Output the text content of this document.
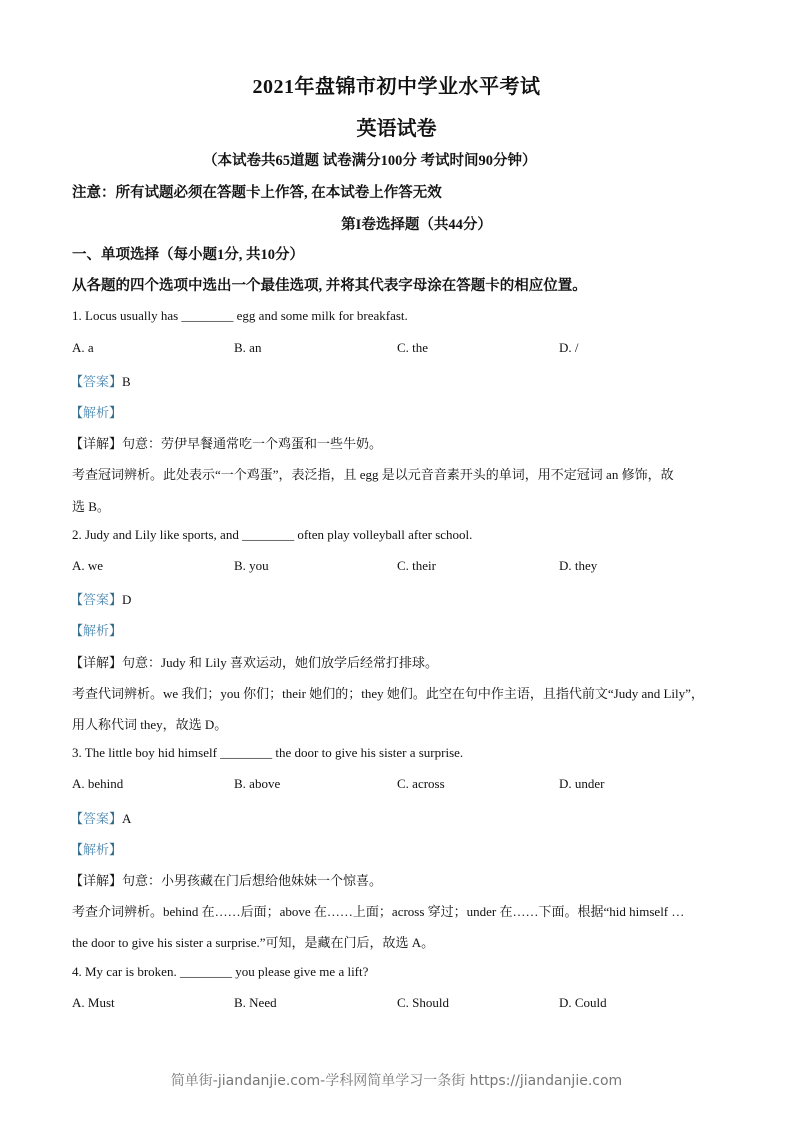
2021年盘锦市初中学业水平考试
英语试卷
（本试卷共65道题 试卷满分100分 考试时间90分钟）
注意：所有试题必须在答题卡上作答, 在本试卷上作答无效
第I卷选择题（共44分）
一、单项选择（每小题1分, 共10分）
从各题的四个选项中选出一个最佳选项, 并将其代表字母涂在答题卡的相应位置。
1. Locus usually has ________ egg and some milk for breakfast.
A. a	B. an	C. the	D. /
【答案】B
【解析】
【详解】句意：劳伊早餐通常吃一个鸡蛋和一些牛奶。
考查冠词辨析。此处表示“一个鸡蛋”，表泛指，且 egg 是以元音音素开头的单词，用不定冠词 an 修饰，故
选 B。
2. Judy and Lily like sports, and ________ often play volleyball after school.
A. we	B. you	C. their	D. they
【答案】D
【解析】
【详解】句意：Judy 和 Lily 喜欢运动，她们放学后经常打排球。
考查代词辨析。we 我们；you 你们；their 她们的；they 她们。此空在句中作主语，且指代前文“Judy and Lily”，
用人称代词 they，故选 D。
3. The little boy hid himself ________ the door to give his sister a surprise.
A. behind	B. above	C. across	D. under
【答案】A
【解析】
【详解】句意：小男孩藏在门后想给他妹妹一个惊喜。
考查介词辨析。behind 在……后面；above 在……上面；across 穿过；under 在……下面。根据“hid himself …
the door to give his sister a surprise.”可知，是藏在门后，故选 A。
4. My car is broken. ________ you please give me a lift?
A. Must	B. Need	C. Should	D. Could
简单街-jiandanjie.com-学科网简单学习一条街 https://jiandanjie.com
